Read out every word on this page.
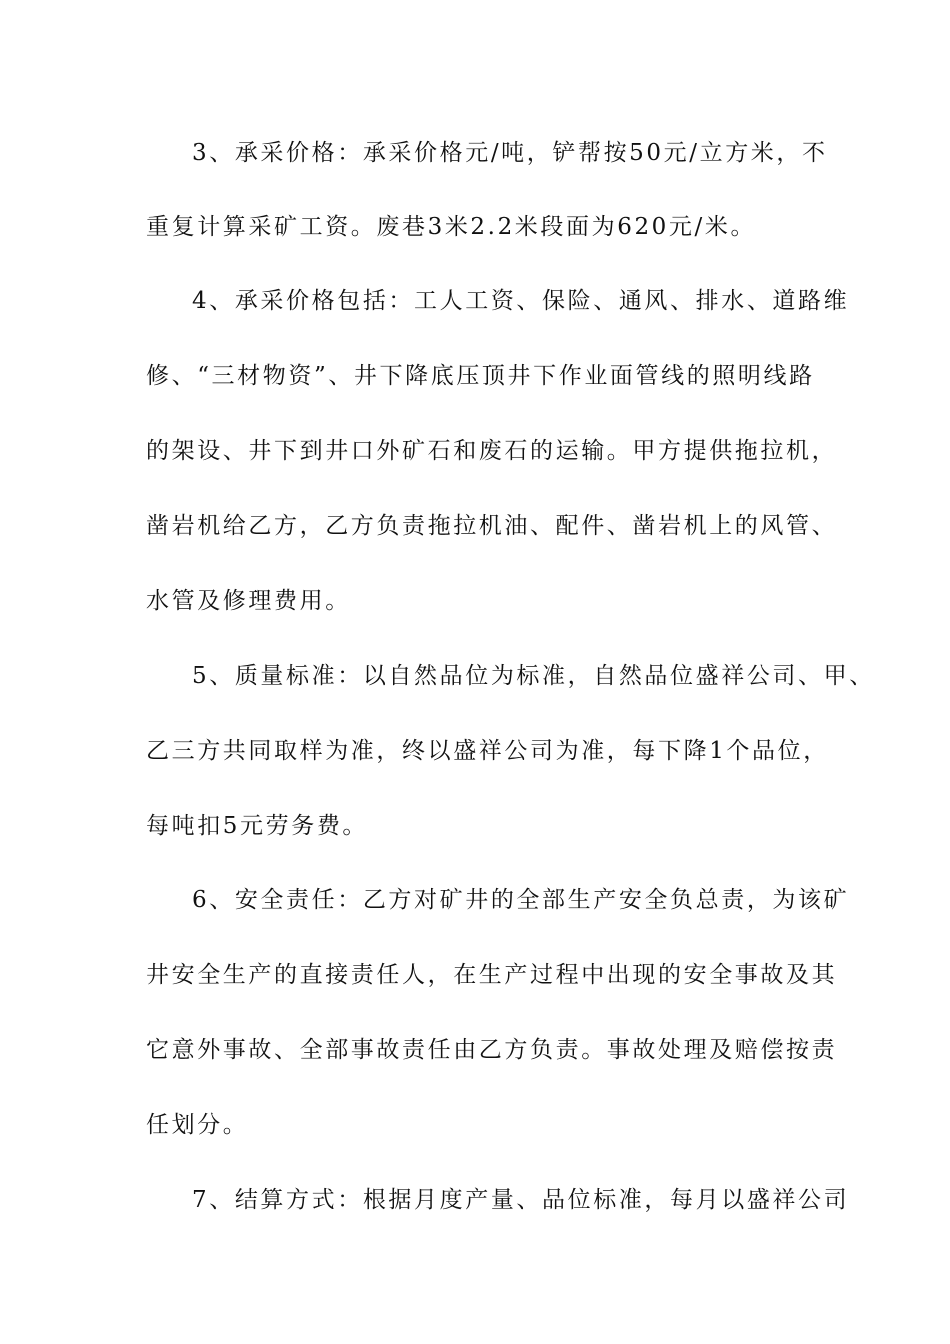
3、承采价格：承采价格元/吨，铲帮按50元/立方米，不
重复计算采矿工资。废巷3米2.2米段面为620元/米。
4、承采价格包括：工人工资、保险、通风、排水、道路维
修、“三材物资”、井下降底压顶井下作业面管线的照明线路
的架设、井下到井口外矿石和废石的运输。甲方提供拖拉机，
凿岩机给乙方，乙方负责拖拉机油、配件、凿岩机上的风管、
水管及修理费用。
5、质量标准：以自然品位为标准，自然品位盛祥公司、甲、
乙三方共同取样为准，终以盛祥公司为准，每下降1个品位，
每吨扣5元劳务费。
6、安全责任：乙方对矿井的全部生产安全负总责，为该矿
井安全生产的直接责任人，在生产过程中出现的安全事故及其
它意外事故、全部事故责任由乙方负责。事故处理及赔偿按责
任划分。
7、结算方式：根据月度产量、品位标准，每月以盛祥公司
